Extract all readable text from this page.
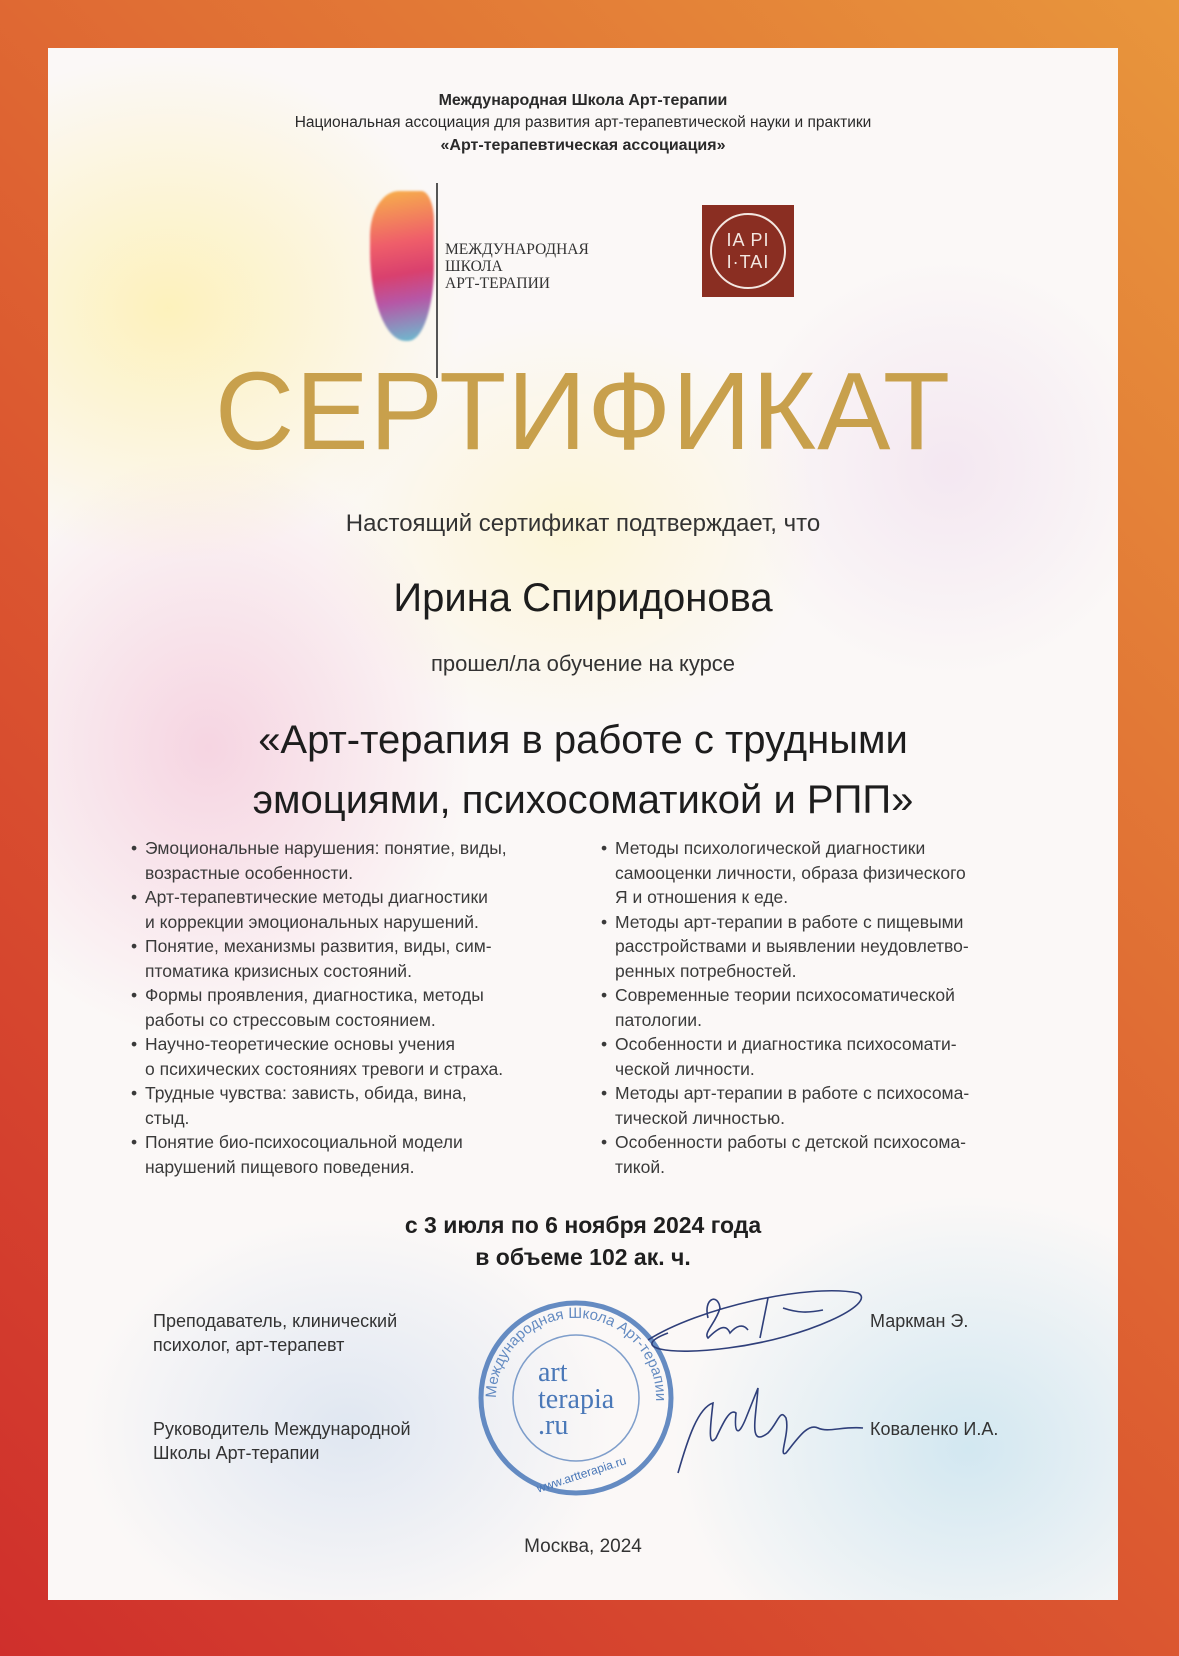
Международная Школа Арт-терапии
Национальная ассоциация для развития арт-терапевтической науки и практики
«Арт-терапевтическая ассоциация»
МЕЖДУНАРОДНАЯ
ШКОЛА
АРТ-ТЕРАПИИ
IA PI
I·TAI
СЕРТИФИКАТ
Настоящий сертификат подтверждает, что
Ирина Спиридонова
прошел/ла обучение на курсе
«Арт-терапия в работе с трудными
эмоциями, психосоматикой и РПП»
• Эмоциональные нарушения: понятие, виды,
возрастные особенности.
• Арт-терапевтические методы диагностики
и коррекции эмоциональных нарушений.
• Понятие, механизмы развития, виды, сим-
птоматика кризисных состояний.
• Формы проявления, диагностика, методы
работы со стрессовым состоянием.
• Научно-теоретические основы учения
о психических состояниях тревоги и страха.
• Трудные чувства: зависть, обида, вина,
стыд.
• Понятие био-психосоциальной модели
нарушений пищевого поведения.
• Методы психологической диагностики
самооценки личности, образа физического
Я и отношения к еде.
• Методы арт-терапии в работе с пищевыми
расстройствами и выявлении неудовлетво-
ренных потребностей.
• Современные теории психосоматической
патологии.
• Особенности и диагностика психосомати-
ческой личности.
• Методы арт-терапии в работе с психосома-
тической личностью.
• Особенности работы с детской психосома-
тикой.
с 3 июля по 6 ноября 2024 года
в объеме 102 ак. ч.
Преподаватель, клинический
психолог, арт-терапевт
Маркман Э.
Руководитель Международной
Школы Арт-терапии
Коваленко И.А.
Международная Школа Арт-терапии
art
terapia
.ru
www.artterapia.ru
Москва, 2024
